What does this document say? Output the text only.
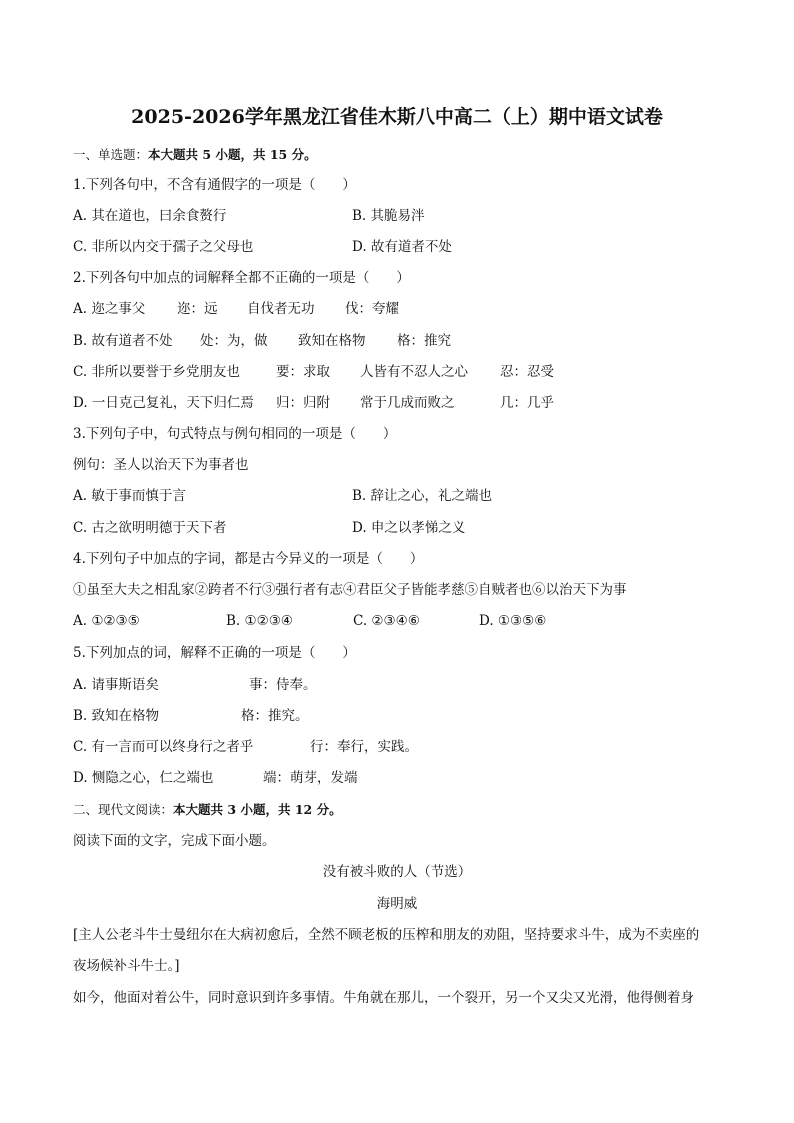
2025-2026学年黑龙江省佳木斯八中高二（上）期中语文试卷
一、单选题：本大题共 5 小题，共 15 分。
1.下列各句中，不含有通假字的一项是（　　）
A. 其在道也，曰余食赘行	B. 其脆易泮
C. 非所以内交于孺子之父母也	D. 故有道者不处
2.下列各句中加点的词解释全都不正确的一项是（　　）
A. 迩之事父 迩：远 自伐者无功 伐：夸耀
B. 故有道者不处 处：为，做 致知在格物 格：推究
C. 非所以要誉于乡党朋友也	要：求取 人皆有不忍人之心 忍：忍受
D. 一日克己复礼，天下归仁焉 归：归附 常于几成而败之	几：几乎
3.下列句子中，句式特点与例句相同的一项是（　　）
例句：圣人以治天下为事者也
A. 敏于事而慎于言	B. 辞让之心，礼之端也
C. 古之欲明明德于天下者	D. 申之以孝悌之义
4.下列句子中加点的字词，都是古今异义的一项是（　　）
①虽至大夫之相乱家②跨者不行③强行者有志④君臣父子皆能孝慈⑤自贼者也⑥以治天下为事
A. ①②③⑤	B. ①②③④	C. ②③④⑥	D. ①③⑤⑥
5.下列加点的词，解释不正确的一项是（　　）
A. 请事斯语矣	事：侍奉。
B. 致知在格物	格：推究。
C. 有一言而可以终身行之者乎	行：奉行，实践。
D. 恻隐之心，仁之端也	端：萌芽，发端
二、现代文阅读：本大题共 3 小题，共 12 分。
阅读下面的文字，完成下面小题。
没有被斗败的人（节选）
海明威
[主人公老斗牛士曼纽尔在大病初愈后，全然不顾老板的压榨和朋友的劝阻，坚持要求斗牛，成为不卖座的
夜场候补斗牛士。]
如今，他面对着公牛，同时意识到许多事情。牛角就在那儿，一个裂开，另一个又尖又光滑，他得侧着身
